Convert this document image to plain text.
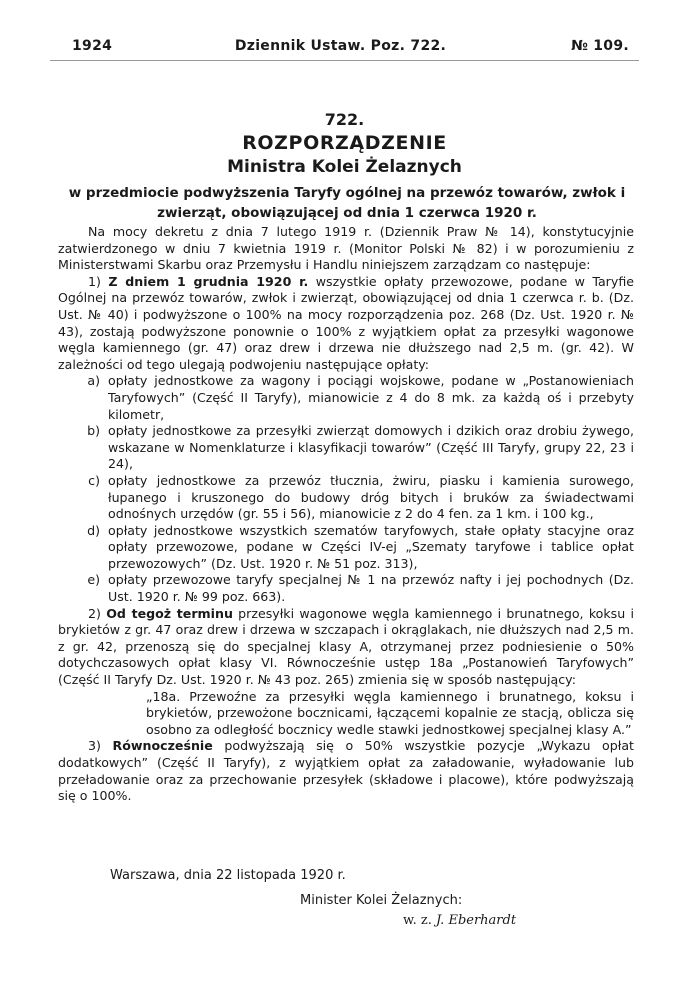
1924	Dziennik Ustaw. Poz. 722.	№ 109.
722.
ROZPORZĄDZENIE
Ministra Kolei Żelaznych
w przedmiocie podwyższenia Taryfy ogólnej na przewóz towarów, zwłok i zwierząt, obowiązującej od dnia 1 czerwca 1920 r.

Na mocy dekretu z dnia 7 lutego 1919 r. (Dziennik Praw № 14), konstytucyjnie zatwierdzonego w dniu 7 kwietnia 1919 r. (Monitor Polski № 82) i w porozumieniu z Ministerstwami Skarbu oraz Przemysłu i Handlu niniejszem zarządzam co następuje:

1) Z dniem 1 grudnia 1920 r. wszystkie opłaty przewozowe, podane w Taryfie Ogólnej na przewóz towarów, zwłok i zwierząt, obowiązującej od dnia 1 czerwca r. b. (Dz. Ust. № 40) i podwyższone o 100% na mocy rozporządzenia poz. 268 (Dz. Ust. 1920 r. № 43), zostają podwyższone ponownie o 100% z wyjątkiem opłat za przesyłki wagonowe węgla kamiennego (gr. 47) oraz drew i drzewa nie dłuższego nad 2,5 m. (gr. 42). W zależności od tego ulegają podwojeniu następujące opłaty:

a) opłaty jednostkowe za wagony i pociągi wojskowe, podane w „Postanowieniach Taryfowych” (Część II Taryfy), mianowicie z 4 do 8 mk. za każdą oś i przebyty kilometr,
b) opłaty jednostkowe za przesyłki zwierząt domowych i dzikich oraz drobiu żywego, wskazane w Nomenklaturze i klasyfikacji towarów” (Część III Taryfy, grupy 22, 23 i 24),
c) opłaty jednostkowe za przewóz tłucznia, żwiru, piasku i kamienia surowego, łupanego i kruszonego do budowy dróg bitych i bruków za świadectwami odnośnych urzędów (gr. 55 i 56), mianowicie z 2 do 4 fen. za 1 km. i 100 kg.,
d) opłaty jednostkowe wszystkich szematów taryfowych, stałe opłaty stacyjne oraz opłaty przewozowe, podane w Części IV-ej „Szematy taryfowe i tablice opłat przewozowych” (Dz. Ust. 1920 r. № 51 poz. 313),
e) opłaty przewozowe taryfy specjalnej № 1 na przewóz nafty i jej pochodnych (Dz. Ust. 1920 r. № 99 poz. 663).

2) Od tegoż terminu przesyłki wagonowe węgla kamiennego i brunatnego, koksu i brykietów z gr. 47 oraz drew i drzewa w szczapach i okrąglakach, nie dłuższych nad 2,5 m. z gr. 42, przenoszą się do specjalnej klasy A, otrzymanej przez podniesienie o 50% dotychczasowych opłat klasy VI. Równocześnie ustęp 18a „Postanowień Taryfowych” (Część II Taryfy Dz. Ust. 1920 r. № 43 poz. 265) zmienia się w sposób następujący:

„18a. Przewoźne za przesyłki węgla kamiennego i brunatnego, koksu i brykietów, przewożone bocznicami, łączącemi kopalnie ze stacją, oblicza się osobno za odległość bocznicy wedle stawki jednostkowej specjalnej klasy A.”

3) Równocześnie podwyższają się o 50% wszystkie pozycje „Wykazu opłat dodatkowych” (Część II Taryfy), z wyjątkiem opłat za załadowanie, wyładowanie lub przeładowanie oraz za przechowanie przesyłek (składowe i placowe), które podwyższają się o 100%.

Warszawa, dnia 22 listopada 1920 r.
Minister Kolei Żelaznych:
w. z. J. Eberhardt
